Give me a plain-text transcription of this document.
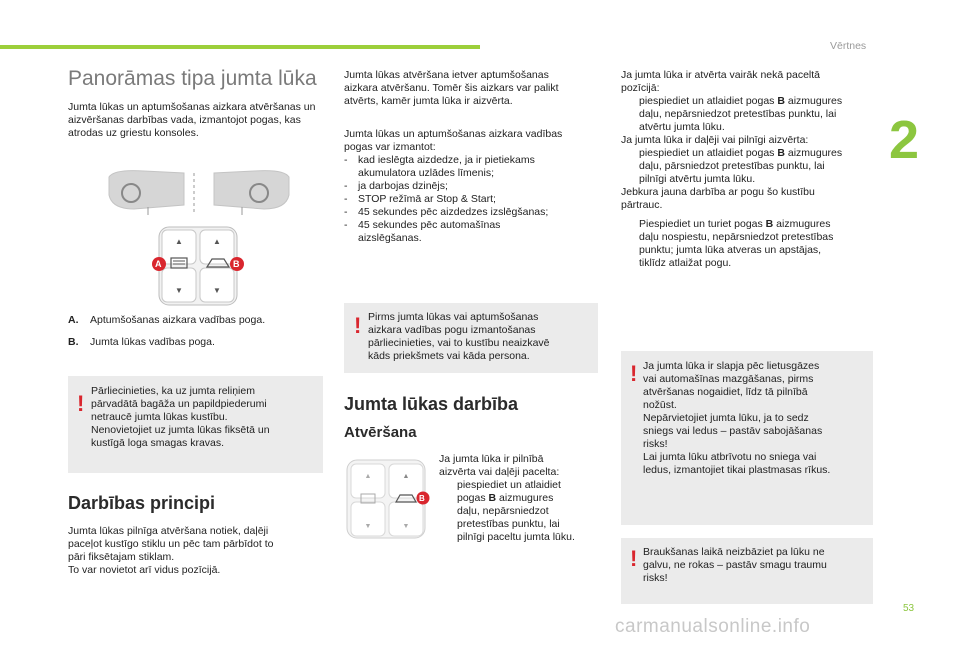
Vērtnes
2
53
carmanualsonline.info
Panorāmas tipa jumta lūka

Jumta lūkas un aptumšošanas aizkara atvēršanas un aizvēršanas darbības vada, izmantojot pogas, kas atrodas uz griestu konsoles.

▲	▲
▼	▼
A	B
A. Aptumšošanas aizkara vadības poga.
B. Jumta lūkas vadības poga.
! Pārliecinieties, ka uz jumta reliņiem
pārvadātā bagāža un papildpiederumi
netraucē jumta lūkas kustību.
Nenovietojiet uz jumta lūkas fiksētā un
kustīgā loga smagas kravas.
Darbības principi
Jumta lūkas pilnīga atvēršana notiek, daļēji
paceļot kustīgo stiklu un pēc tam pārbīdot to
pāri fiksētajam stiklam.
To var novietot arī vidus pozīcijā.
Jumta lūkas atvēršana ietver aptumšošanas
aizkara atvēršanu. Tomēr šis aizkars var palikt
atvērts, kamēr jumta lūka ir aizvērta.
Jumta lūkas un aptumšošanas aizkara vadības
pogas var izmantot:
- kad ieslēgta aizdedze, ja ir pietiekams
akumulatora uzlādes līmenis;
- ja darbojas dzinējs;
- STOP režīmā ar Stop & Start;
- 45 sekundes pēc aizdedzes izslēgšanas;
- 45 sekundes pēc automašīnas
aizslēgšanas.
! Pirms jumta lūkas vai aptumšošanas
aizkara vadības pogu izmantošanas
pārliecinieties, vai to kustību neaizkavē
kāds priekšmets vai kāda persona.
Jumta lūkas darbība
Atvēršana
▲	▲
▼	▼
B
Ja jumta lūka ir pilnībā
aizvērta vai daļēji pacelta:
piespiediet un atlaidiet
pogas B aizmugures
daļu, nepārsniedzot
pretestības punktu, lai
pilnīgi paceltu jumta lūku.
Ja jumta lūka ir atvērta vairāk nekā paceltā
pozīcijā:
piespiediet un atlaidiet pogas B aizmugures
daļu, nepārsniedzot pretestības punktu, lai
atvērtu jumta lūku.
Ja jumta lūka ir daļēji vai pilnīgi aizvērta:
piespiediet un atlaidiet pogas B aizmugures
daļu, pārsniedzot pretestības punktu, lai
pilnīgi atvērtu jumta lūku.
Jebkura jauna darbība ar pogu šo kustību
pārtrauc.
Piespiediet un turiet pogas B aizmugures
daļu nospiestu, nepārsniedzot pretestības
punktu; jumta lūka atveras un apstājas,
tiklīdz atlaižat pogu.
! Ja jumta lūka ir slapja pēc lietusgāzes
vai automašīnas mazgāšanas, pirms
atvēršanas nogaidiet, līdz tā pilnībā
nožūst.
Nepārvietojiet jumta lūku, ja to sedz
sniegs vai ledus – pastāv sabojāšanas
risks!
Lai jumta lūku atbrīvotu no sniega vai
ledus, izmantojiet tikai plastmasas rīkus.
! Braukšanas laikā neizbāziet pa lūku ne
galvu, ne rokas – pastāv smagu traumu
risks!
